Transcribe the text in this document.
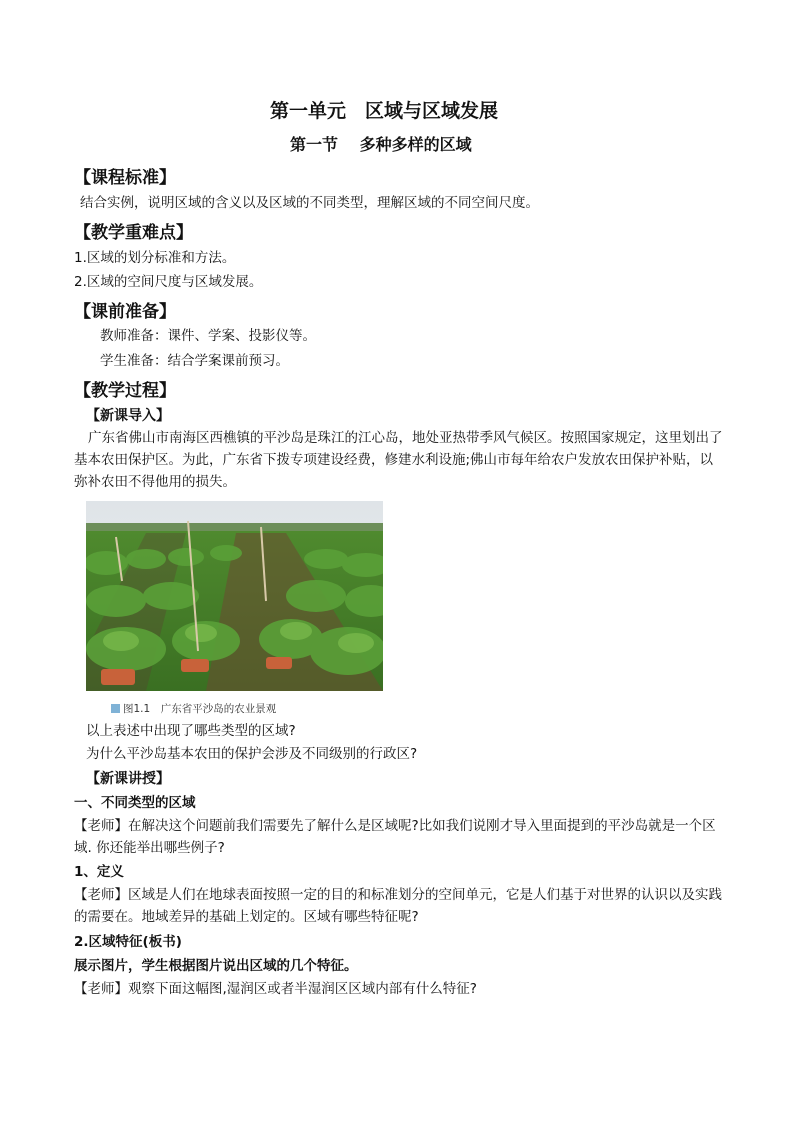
第一单元　区域与区域发展
第一节　 多种多样的区域
【课程标准】
结合实例，说明区域的含义以及区域的不同类型，理解区域的不同空间尺度。
【教学重难点】
1.区域的划分标准和方法。
2.区域的空间尺度与区域发展。
【课前准备】
教师准备：课件、学案、投影仪等。
学生准备：结合学案课前预习。
【教学过程】
【新课导入】
广东省佛山市南海区西樵镇的平沙岛是珠江的江心岛，地处亚热带季风气候区。按照国家规定，这里划出了基本农田保护区。为此，广东省下拨专项建设经费，修建水利设施;佛山市每年给农户发放农田保护补贴，以弥补农田不得他用的损失。
图1.1　广东省平沙岛的农业景观
以上表述中出现了哪些类型的区域?
为什么平沙岛基本农田的保护会涉及不同级别的行政区?
【新课讲授】
一、不同类型的区域
【老师】在解决这个问题前我们需要先了解什么是区域呢?比如我们说刚才导入里面提到的平沙岛就是一个区域. 你还能举出哪些例子?
1、定义
【老师】区域是人们在地球表面按照一定的目的和标准划分的空间单元，它是人们基于对世界的认识以及实践的需要在。地域差异的基础上划定的。区域有哪些特征呢?
2.区域特征(板书)
展示图片，学生根据图片说出区域的几个特征。
【老师】观察下面这幅图,湿润区或者半湿润区区域内部有什么特征?
